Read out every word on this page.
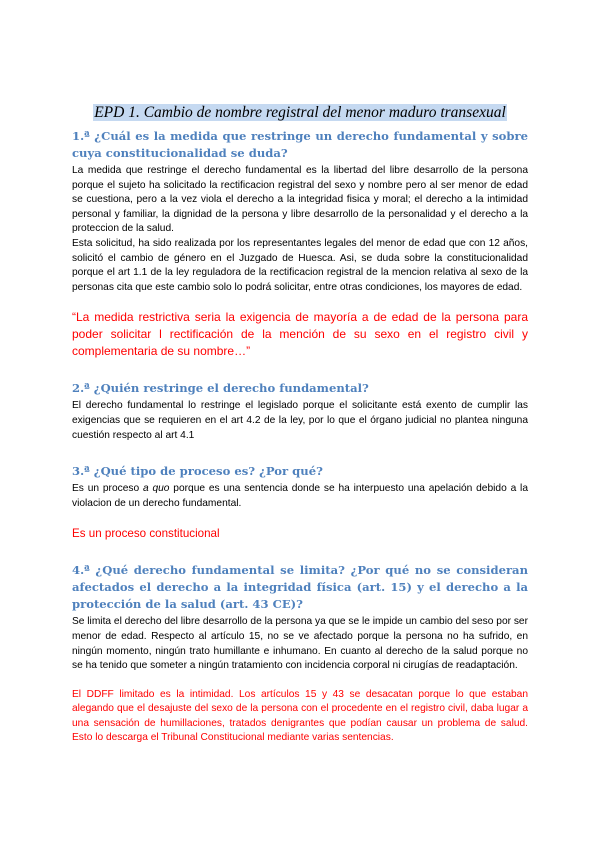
EPD 1. Cambio de nombre registral del menor maduro transexual

1.ª ¿Cuál es la medida que restringe un derecho fundamental y sobre cuya constitucionalidad se duda?

La medida que restringe el derecho fundamental es la libertad del libre desarrollo de la persona porque el sujeto ha solicitado la rectificacion registral del sexo y nombre pero al ser menor de edad se cuestiona, pero a la vez viola el derecho a la integridad fisica y moral; el derecho a la intimidad personal y familiar, la dignidad de la persona y libre desarrollo de la personalidad y el derecho a la proteccion de la salud.

Esta solicitud, ha sido realizada por los representantes legales del menor de edad que con 12 años, solicitó el cambio de género en el Juzgado de Huesca. Asi, se duda sobre la constitucionalidad porque el art 1.1 de la ley reguladora de la rectificacion registral de la mencion relativa al sexo de la personas cita que este cambio solo lo podrá solicitar, entre otras condiciones, los mayores de edad.

“La medida restrictiva seria la exigencia de mayoría a de edad de la persona para poder solicitar l rectificación de la mención de su sexo en el registro civil y complementaria de su nombre…”

2.ª ¿Quién restringe el derecho fundamental?

El derecho fundamental lo restringe el legislado porque el solicitante está exento de cumplir las exigencias que se requieren en el art 4.2 de la ley, por lo que el órgano judicial no plantea ninguna cuestión respecto al art 4.1

3.ª ¿Qué tipo de proceso es? ¿Por qué?

Es un proceso a quo porque es una sentencia donde se ha interpuesto una apelación debido a la violacion de un derecho fundamental.

Es un proceso constitucional

4.ª ¿Qué derecho fundamental se limita? ¿Por qué no se consideran afectados el derecho a la integridad física (art. 15) y el derecho a la protección de la salud (art. 43 CE)?

Se limita el derecho del libre desarrollo de la persona ya que se le impide un cambio del seso por ser menor de edad. Respecto al artículo 15, no se ve afectado porque la persona no ha sufrido, en ningún momento, ningún trato humillante e inhumano. En cuanto al derecho de la salud porque no se ha tenido que someter a ningún tratamiento con incidencia corporal ni cirugías de readaptación.

El DDFF limitado es la intimidad. Los artículos 15 y 43 se desacatan porque lo que estaban alegando que el desajuste del sexo de la persona con el procedente en el registro civil, daba lugar a una sensación de humillaciones, tratados denigrantes que podían causar un problema de salud. Esto lo descarga el Tribunal Constitucional mediante varias sentencias.
